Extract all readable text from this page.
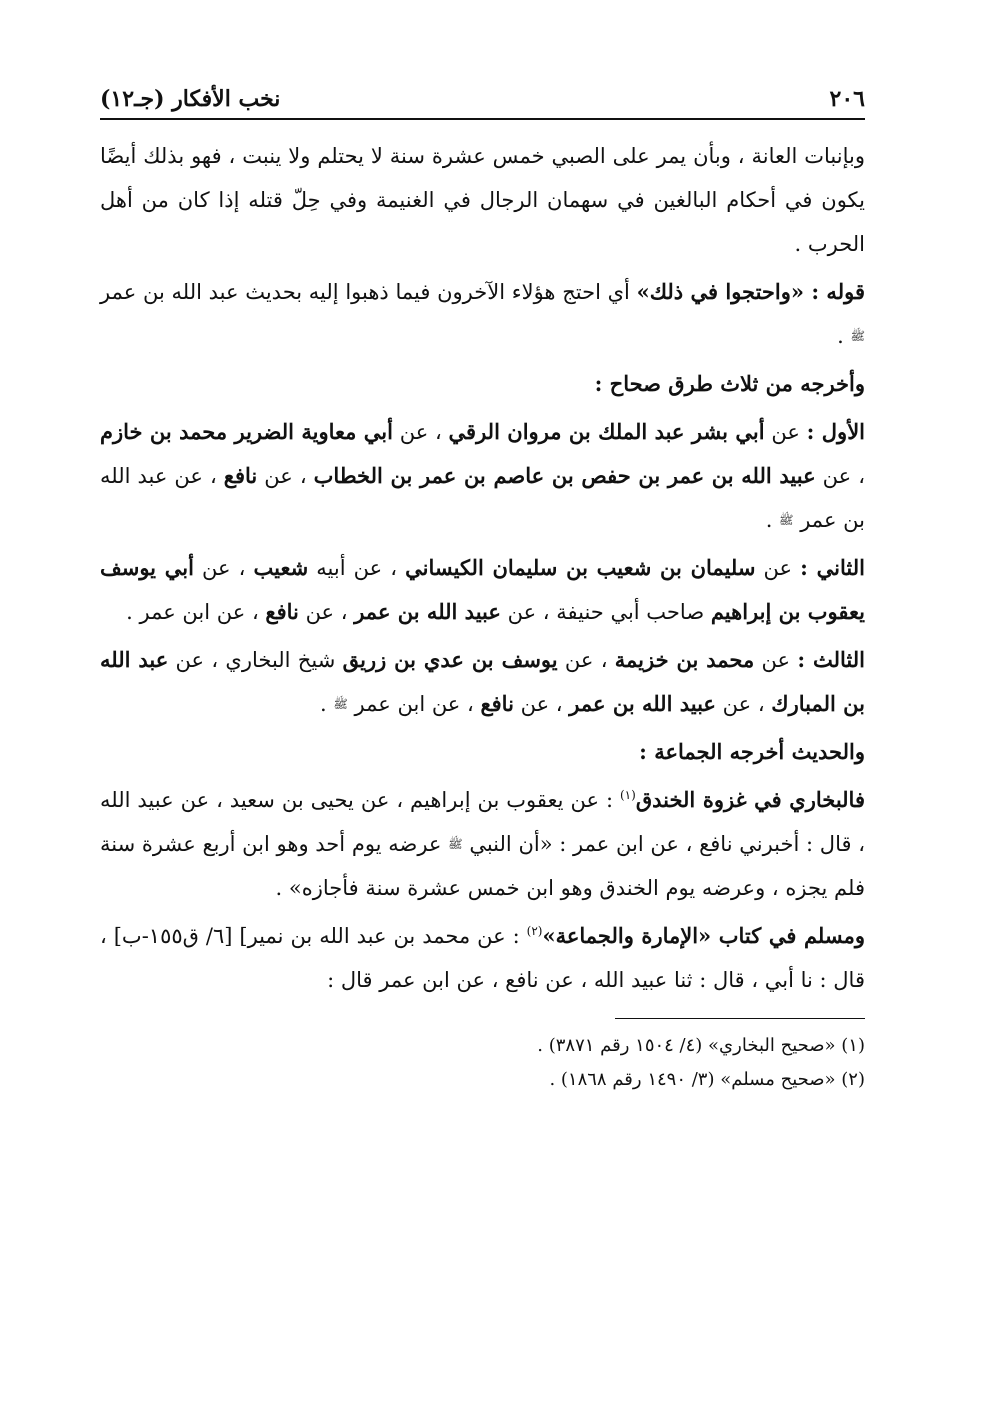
٢٠٦
نخب الأفكار (جـ١٢)

وبإنبات العانة ، وبأن يمر على الصبي خمس عشرة سنة لا يحتلم ولا ينبت ، فهو بذلك أيضًا يكون في أحكام البالغين في سهمان الرجال في الغنيمة وفي حِلّ قتله إذا كان من أهل الحرب .

قوله : «واحتجوا في ذلك» أي احتج هؤلاء الآخرون فيما ذهبوا إليه بحديث عبد الله بن عمر $^ﷺ$ .

وأخرجه من ثلاث طرق صحاح :

الأول : عن أبي بشر عبد الملك بن مروان الرقي ، عن أبي معاوية الضرير محمد بن خازم ، عن عبيد الله بن عمر بن حفص بن عاصم بن عمر بن الخطاب ، عن نافع ، عن عبد الله بن عمر $^ﷺ$ .

الثاني : عن سليمان بن شعيب بن سليمان الكيساني ، عن أبيه شعيب ، عن أبي يوسف يعقوب بن إبراهيم صاحب أبي حنيفة ، عن عبيد الله بن عمر ، عن نافع ، عن ابن عمر .

الثالث : عن محمد بن خزيمة ، عن يوسف بن عدي بن زريق شيخ البخاري ، عن عبد الله بن المبارك ، عن عبيد الله بن عمر ، عن نافع ، عن ابن عمر $^ﷺ$ .

والحديث أخرجه الجماعة :

فالبخاري في غزوة الخندق$^{(١)}$ : عن يعقوب بن إبراهيم ، عن يحيى بن سعيد ، عن عبيد الله ، قال : أخبرني نافع ، عن ابن عمر : «أن النبي $^ﷺ$ عرضه يوم أحد وهو ابن أربع عشرة سنة فلم يجزه ، وعرضه يوم الخندق وهو ابن خمس عشرة سنة فأجازه» .

ومسلم في كتاب «الإمارة والجماعة»$^{(٢)}$ : عن محمد بن عبد الله بن نمير] [٦/ ق١٥٥-ب] ، قال : نا أبي ، قال : ثنا عبيد الله ، عن نافع ، عن ابن عمر قال :

(١) «صحيح البخاري» (٤/ ١٥٠٤ رقم ٣٨٧١) .
(٢) «صحيح مسلم» (٣/ ١٤٩٠ رقم ١٨٦٨) .
